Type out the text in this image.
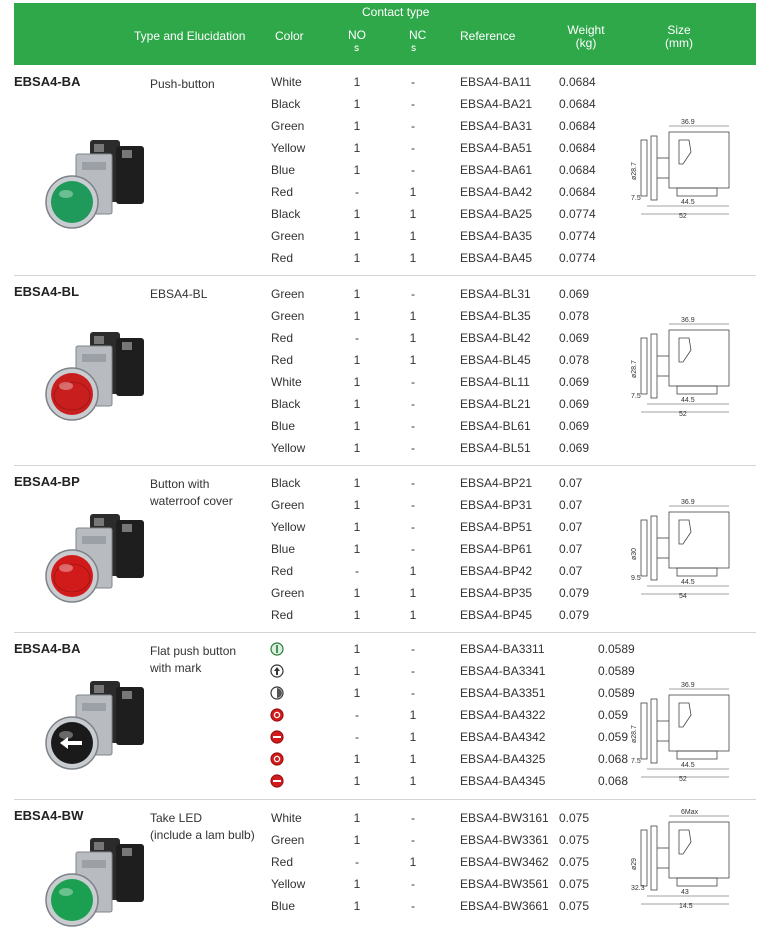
Type and Elucidation Color
Contact type
NO
ꜱ
NC
ꜱ
Reference	Weight
(kg)
Size
(mm)
EBSA4-BA	Push-button
36.9
44.5
52
7.5
ø28.7
White	1	-	EBSA4-BA11 0.0684
Black	1	-	EBSA4-BA21 0.0684
Green	1	-	EBSA4-BA31 0.0684
Yellow	1	-	EBSA4-BA51 0.0684
Blue	1	-	EBSA4-BA61 0.0684
Red	-	1	EBSA4-BA42 0.0684
Black	1	1	EBSA4-BA25 0.0774
Green	1	1	EBSA4-BA35 0.0774
Red	1	1	EBSA4-BA45 0.0774
EBSA4-BL	EBSA4-BL
36.9
44.5
52
7.5
ø28.7
Green	1	-	EBSA4-BL31 0.069
Green	1	1	EBSA4-BL35 0.078
Red	-	1	EBSA4-BL42 0.069
Red	1	1	EBSA4-BL45 0.078
White	1	-	EBSA4-BL11 0.069
Black	1	-	EBSA4-BL21 0.069
Blue	1	-	EBSA4-BL61 0.069
Yellow	1	-	EBSA4-BL51 0.069
EBSA4-BP	Button with
waterroof cover	36.9
44.5
54
9.5
ø30
Black	1	-	EBSA4-BP21 0.07
Green	1	-	EBSA4-BP31 0.07
Yellow	1	-	EBSA4-BP51 0.07
Blue	1	-	EBSA4-BP61 0.07
Red	-	1	EBSA4-BP42 0.07
Green	1	1	EBSA4-BP35 0.079
Red	1	1	EBSA4-BP45 0.079
EBSA4-BA	Flat push button
with mark
36.9
44.5
52
7.5
ø28.7
1	-	EBSA4-BA3311	0.0589
1	-	EBSA4-BA3341	0.0589
1	-	EBSA4-BA3351	0.0589
-	1	EBSA4-BA4322	0.059
-	1	EBSA4-BA4342	0.059
1	1	EBSA4-BA4325	0.068
1	1	EBSA4-BA4345	0.068
EBSA4-BW	Take LED
(include a lam bulb)
6Max
43
14.5
32.3
ø29
White	1	-	EBSA4-BW3161 0.075
Green	1	-	EBSA4-BW3361 0.075
Red	-	1	EBSA4-BW3462 0.075
Yellow	1	-	EBSA4-BW3561 0.075
Blue	1	-	EBSA4-BW3661 0.075
